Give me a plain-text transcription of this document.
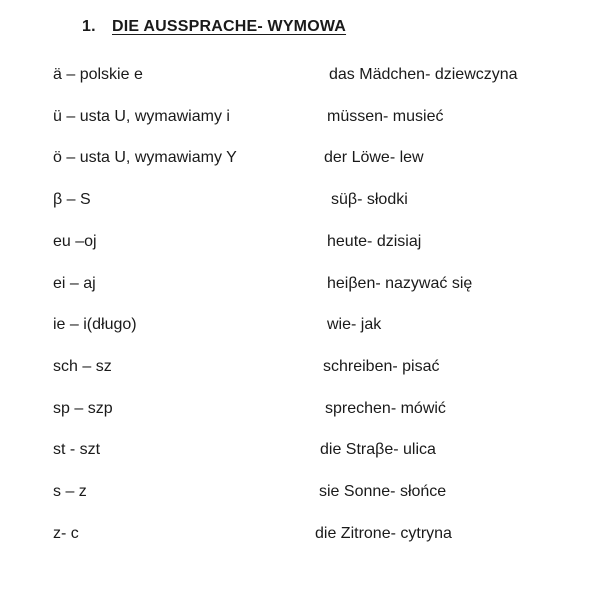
1. DIE AUSSPRACHE- WYMOWA
ä – polskie e	das Mädchen- dziewczyna
ü – usta U, wymawiamy i	müssen- musieć
ö – usta U, wymawiamy Y	der Löwe- lew
β – S	süβ- słodki
eu –oj	heute- dzisiaj
ei – aj	heiβen- nazywać się
ie – i(długo)	wie- jak
sch – sz	schreiben- pisać
sp – szp	sprechen- mówić
st - szt	die Straβe- ulica
s – z	sie Sonne- słońce
z- c	die Zitrone- cytryna
